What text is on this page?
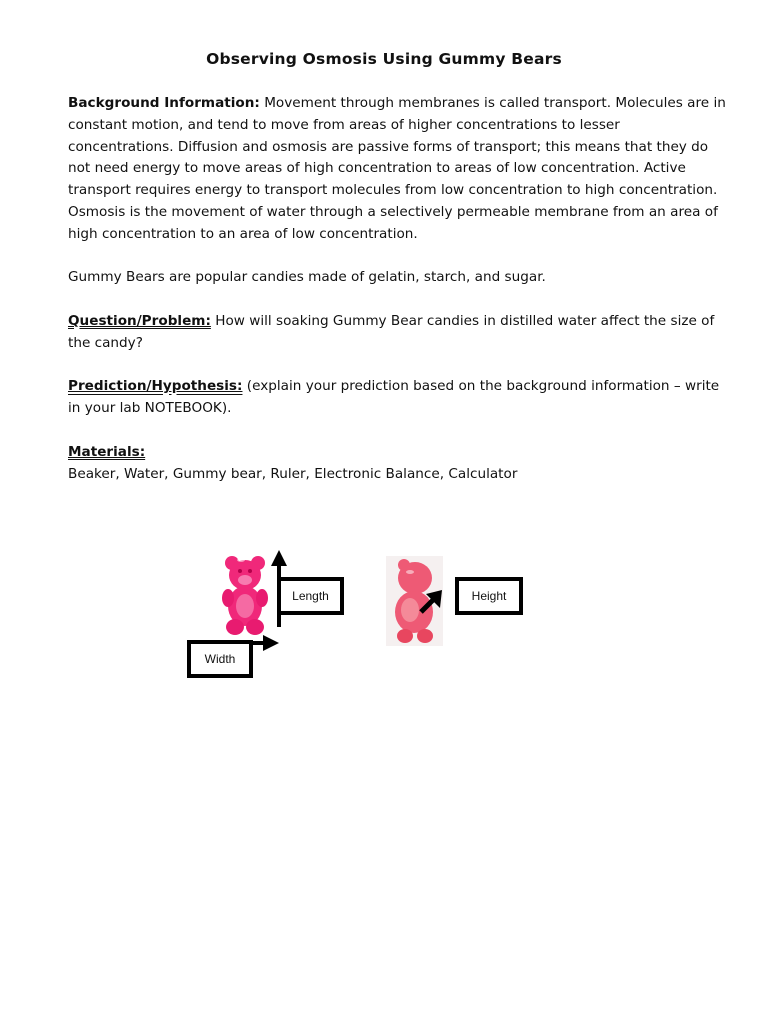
Observing Osmosis Using Gummy Bears

Background Information: Movement through membranes is called transport. Molecules are in constant motion, and tend to move from areas of higher concentrations to lesser concentrations. Diffusion and osmosis are passive forms of transport; this means that they do not need energy to move areas of high concentration to areas of low concentration. Active transport requires energy to transport molecules from low concentration to high concentration. Osmosis is the movement of water through a selectively permeable membrane from an area of high concentration to an area of low concentration.

Gummy Bears are popular candies made of gelatin, starch, and sugar.

Question/Problem: How will soaking Gummy Bear candies in distilled water affect the size of the candy?

Prediction/Hypothesis: (explain your prediction based on the background information – write in your lab NOTEBOOK).

Materials:
Beaker, Water, Gummy bear, Ruler, Electronic Balance, Calculator

Length
Width
Height
